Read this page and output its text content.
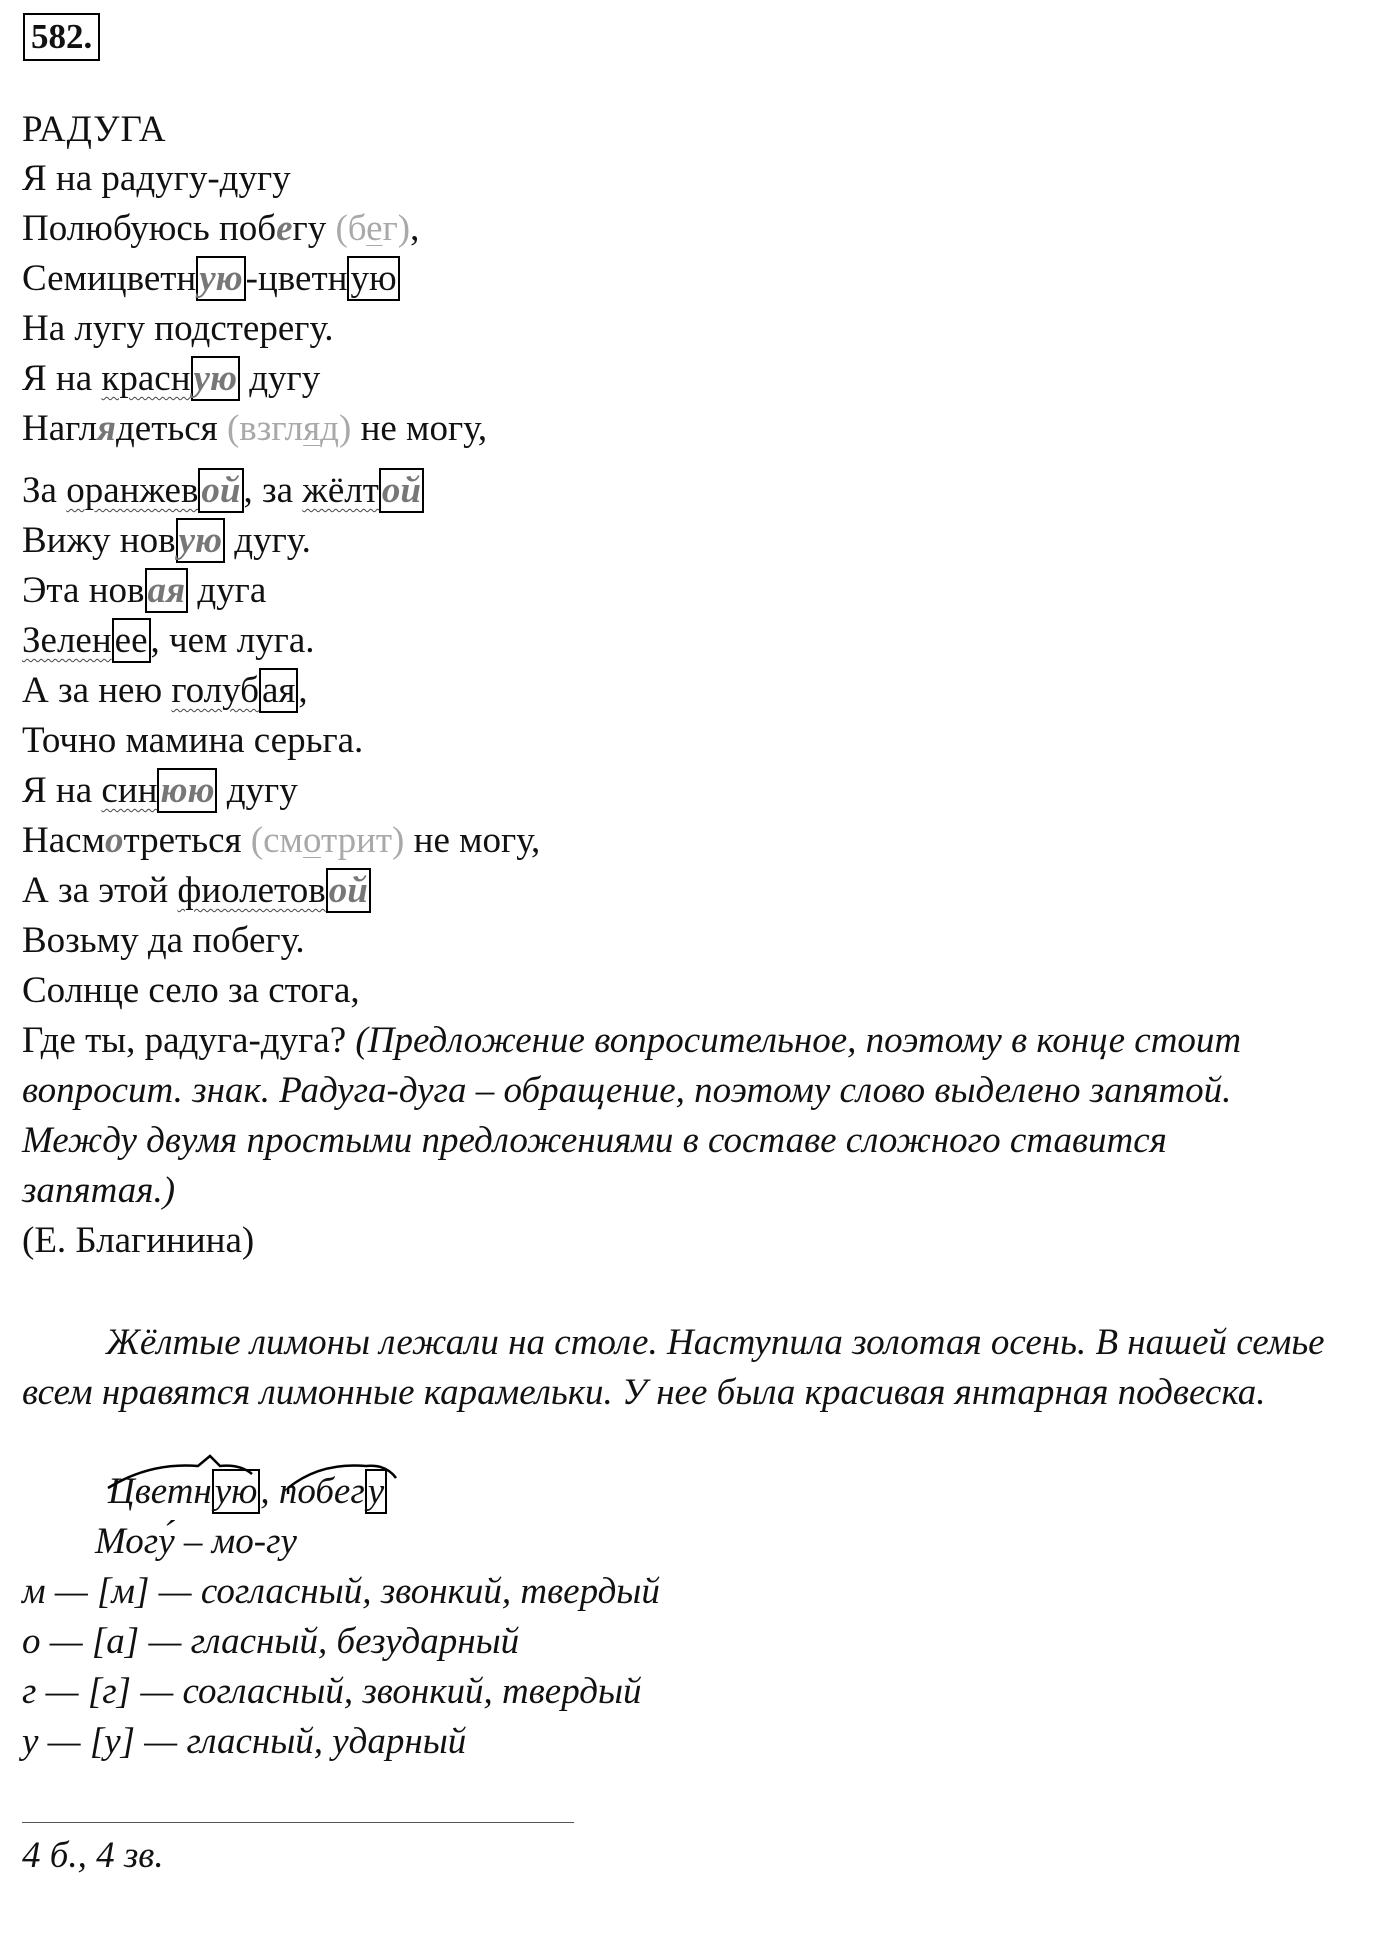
582.
РАДУГА
Я на радугу-дугу
Полюбуюсь побегу (бег),
Семицветную-цветную
На лугу подстерегу.
Я на красную дугу
Наглядеться (взгляд) не могу,
За оранжевой, за жёлтой
Вижу новую дугу.
Эта новая дуга
Зеленее, чем луга.
А за нею голубая,
Точно мамина серьга.
Я на синюю дугу
Насмотреться (смотрит) не могу,
А за этой фиолетовой
Возьму да побегу.
Солнце село за стога,
Где ты, радуга-дуга? (Предложение вопросительное, поэтому в конце стоит
вопросит. знак. Радуга-дуга – обращение, поэтому слово выделено запятой.
Между двумя простыми предложениями в составе сложного ставится
запятая.)
(Е. Благинина)
Жёлтые лимоны лежали на столе. Наступила золотая осень. В нашей семье всем нравятся лимонные карамельки. У нее была красивая янтарная подвеска.
Цветную, побегу
Могу́ – мо-гу
м — [м] — согласный, звонкий, твердый
о — [а] — гласный, безударный
г — [г] — согласный, звонкий, твердый
у — [у] — гласный, ударный
4 б., 4 зв.
